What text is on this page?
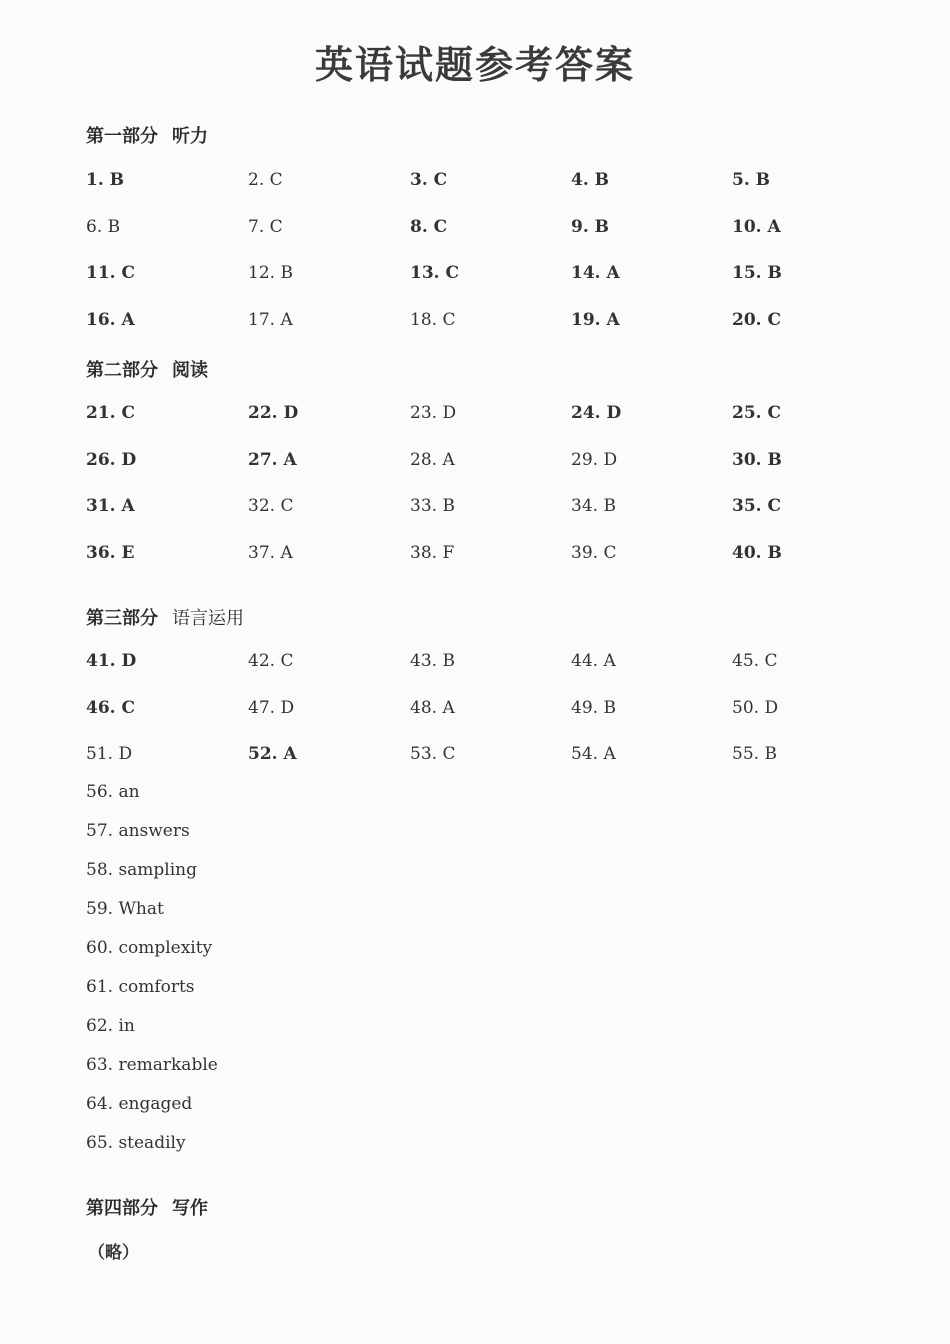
英语试题参考答案
第一部分 听力
1. B	2. C	3. C	4. B	5. B
6. B	7. C	8. C	9. B	10. A
11. C	12. B	13. C	14. A	15. B
16. A	17. A	18. C	19. A	20. C
第二部分 阅读
21. C	22. D	23. D	24. D	25. C
26. D	27. A	28. A	29. D	30. B
31. A	32. C	33. B	34. B	35. C
36. E	37. A	38. F	39. C	40. B
第三部分 语言运用
41. D	42. C	43. B	44. A	45. C
46. C	47. D	48. A	49. B	50. D
51. D	52. A	53. C	54. A	55. B
56. an
57. answers
58. sampling
59. What
60. complexity
61. comforts
62. in
63. remarkable
64. engaged
65. steadily
第四部分 写作
（略）
